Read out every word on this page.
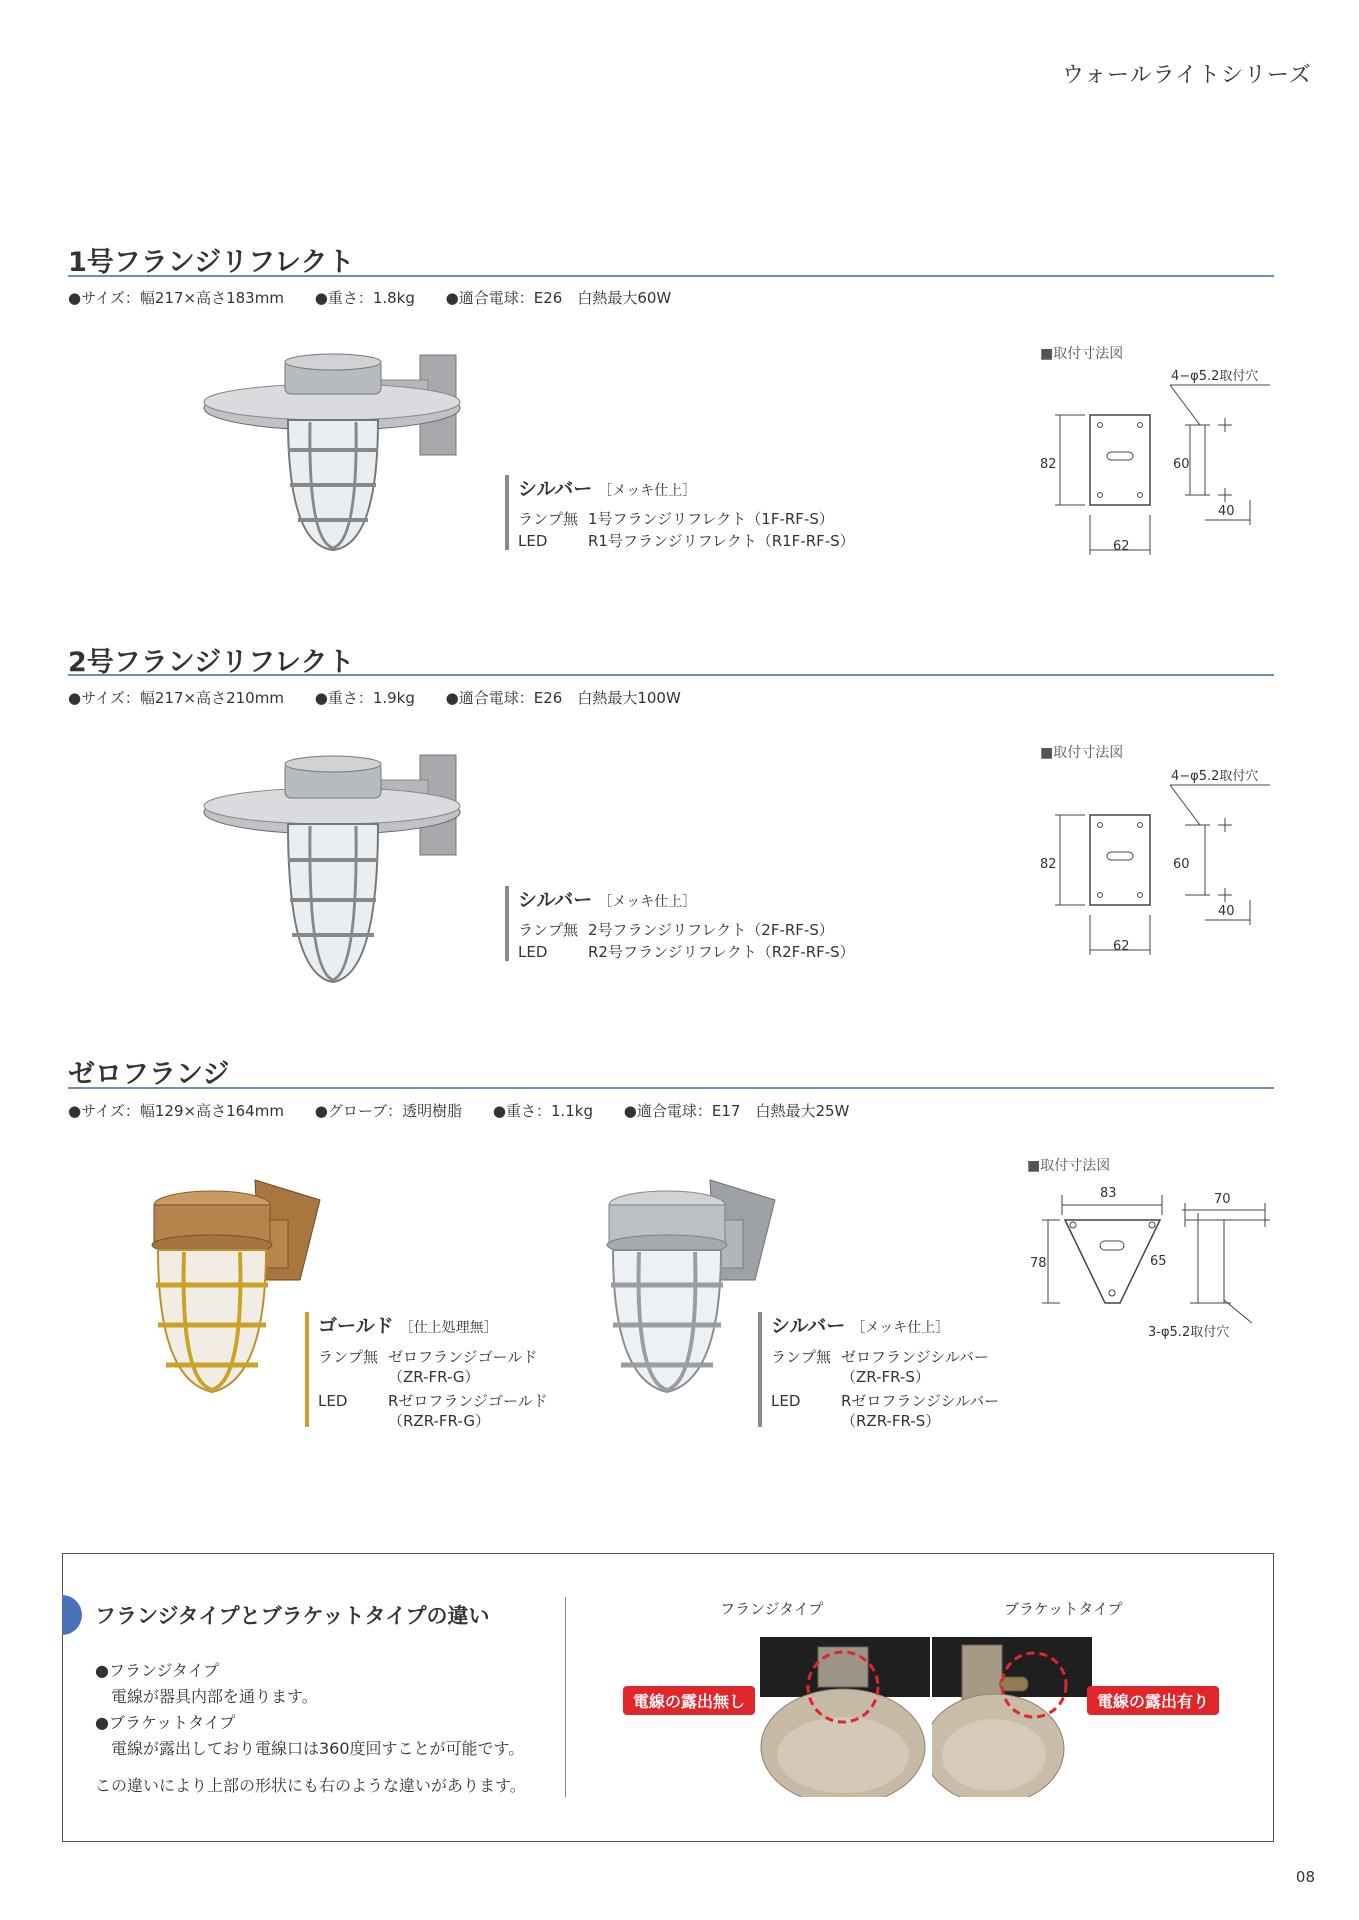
ウォールライトシリーズ
1号フランジリフレクト
●サイズ：幅217×高さ183mm ●重さ：1.8kg ●適合電球：E26　白熱最大60W
シルバー ［メッキ仕上］
ランプ無 1号フランジリフレクト（1F-RF-S）
LED	R1号フランジリフレクト（R1F-RF-S）
■取付寸法図
4−φ5.2取付穴
82
62
60
40
2号フランジリフレクト
●サイズ：幅217×高さ210mm ●重さ：1.9kg ●適合電球：E26　白熱最大100W
シルバー ［メッキ仕上］
ランプ無 2号フランジリフレクト（2F-RF-S）
LED	R2号フランジリフレクト（R2F-RF-S）
■取付寸法図
4−φ5.2取付穴
82
62
60
40
ゼロフランジ
●サイズ：幅129×高さ164mm ●グローブ：透明樹脂 ●重さ：1.1kg ●適合電球：E17　白熱最大25W
ゴールド ［仕上処理無］
ランプ無 ゼロフランジゴールド
（ZR-FR-G）
LED	Rゼロフランジゴールド
（RZR-FR-G）
シルバー ［メッキ仕上］
ランプ無 ゼロフランジシルバー
（ZR-FR-S）
LED	Rゼロフランジシルバー
（RZR-FR-S）
■取付寸法図
83
78
70
65
3-φ5.2取付穴
フランジタイプとブラケットタイプの違い
●フランジタイプ
電線が器具内部を通ります。
●ブラケットタイプ
電線が露出しており電線口は360度回すことが可能です。
この違いにより上部の形状にも右のような違いがあります。
フランジタイプ	ブラケットタイプ
電線の露出無し	電線の露出有り
08
